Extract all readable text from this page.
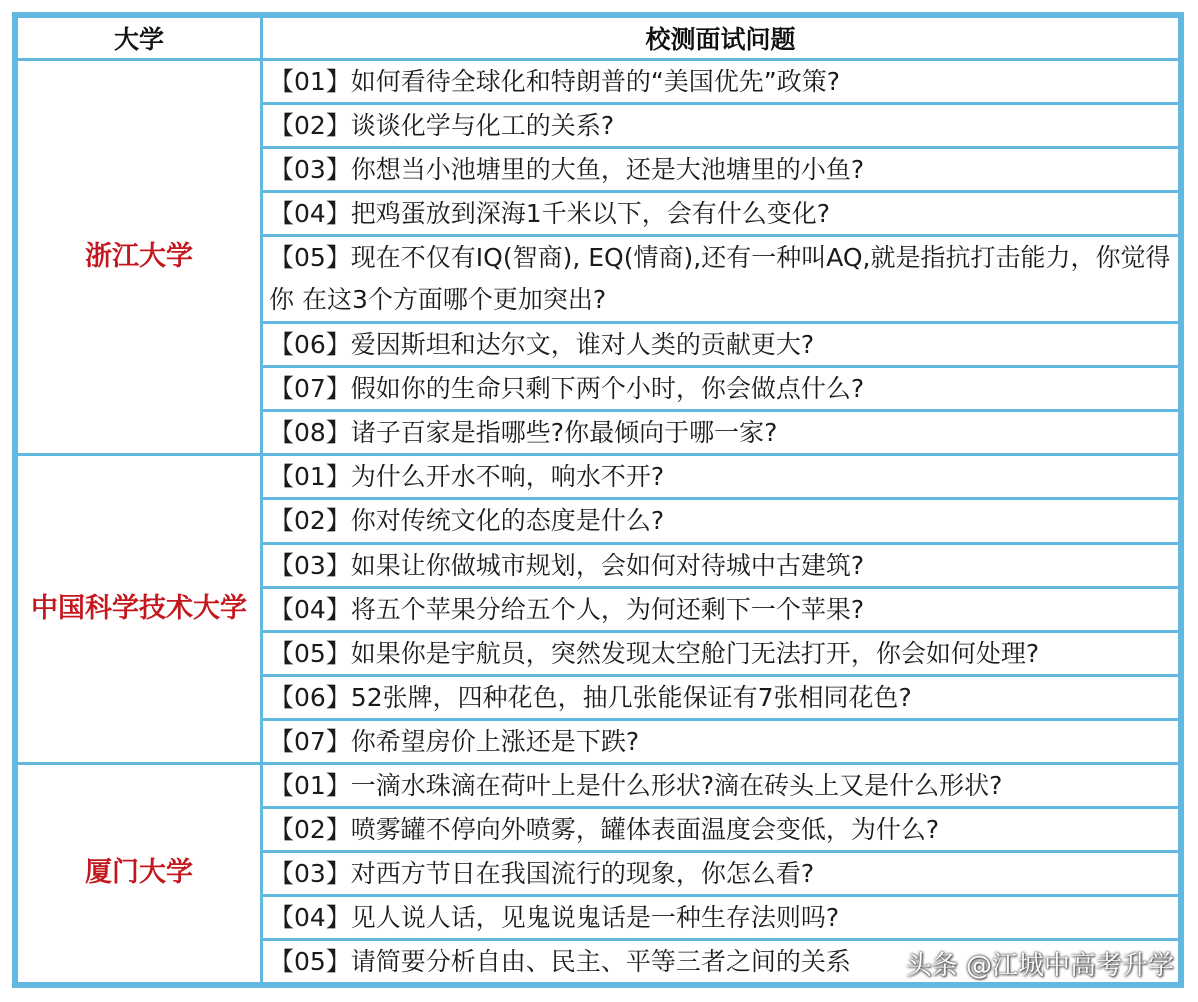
大学	校测面试问题
浙江大学	【01】如何看待全球化和特朗普的“美国优先”政策?
	【02】谈谈化学与化工的关系?
	【03】你想当小池塘里的大鱼，还是大池塘里的小鱼?
	【04】把鸡蛋放到深海1千米以下，会有什么变化?
	【05】现在不仅有IQ(智商), EQ(情商),还有一种叫AQ,就是指抗打击能力，你觉得你 在这3个方面哪个更加突出?
	【06】爱因斯坦和达尔文，谁对人类的贡献更大?
	【07】假如你的生命只剩下两个小时，你会做点什么?
	【08】诸子百家是指哪些?你最倾向于哪一家?
中国科学技术大学	【01】为什么开水不响，响水不开?
	【02】你对传统文化的态度是什么?
	【03】如果让你做城市规划，会如何对待城中古建筑?
	【04】将五个苹果分给五个人，为何还剩下一个苹果?
	【05】如果你是宇航员，突然发现太空舱门无法打开，你会如何处理?
	【06】52张牌，四种花色，抽几张能保证有7张相同花色?
	【07】你希望房价上涨还是下跌?
厦门大学	【01】一滴水珠滴在荷叶上是什么形状?滴在砖头上又是什么形状?
	【02】喷雾罐不停向外喷雾，罐体表面温度会变低，为什么?
	【03】对西方节日在我国流行的现象，你怎么看?
	【04】见人说人话，见鬼说鬼话是一种生存法则吗?
	【05】请简要分析自由、民主、平等三者之间的关系 头条 @江城中高考升学
